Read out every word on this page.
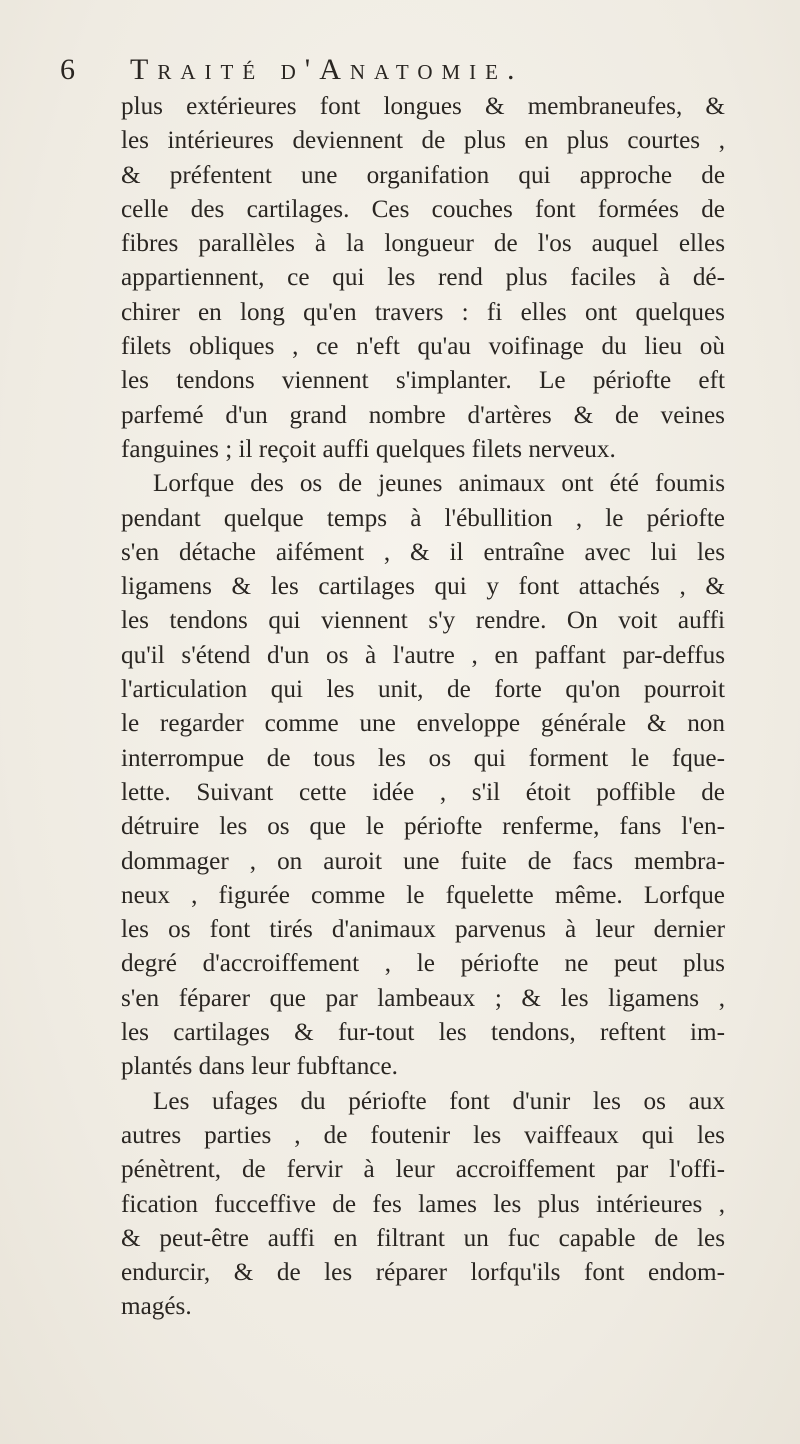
6 Traité d'Anatomie.
plus extérieures font longues & membraneufes, &
les intérieures deviennent de plus en plus courtes ,
& préfentent une organifation qui approche de
celle des cartilages. Ces couches font formées de
fibres parallèles à la longueur de l'os auquel elles
appartiennent, ce qui les rend plus faciles à dé-
chirer en long qu'en travers : fi elles ont quelques
filets obliques , ce n'eft qu'au voifinage du lieu où
les tendons viennent s'implanter. Le périofte eft
parfemé d'un grand nombre d'artères & de veines
fanguines ; il reçoit auffi quelques filets nerveux.
Lorfque des os de jeunes animaux ont été foumis
pendant quelque temps à l'ébullition , le périofte
s'en détache aifément , & il entraîne avec lui les
ligamens & les cartilages qui y font attachés , &
les tendons qui viennent s'y rendre. On voit auffi
qu'il s'étend d'un os à l'autre , en paffant par-deffus
l'articulation qui les unit, de forte qu'on pourroit
le regarder comme une enveloppe générale & non
interrompue de tous les os qui forment le fque-
lette. Suivant cette idée , s'il étoit poffible de
détruire les os que le périofte renferme, fans l'en-
dommager , on auroit une fuite de facs membra-
neux , figurée comme le fquelette même. Lorfque
les os font tirés d'animaux parvenus à leur dernier
degré d'accroiffement , le périofte ne peut plus
s'en féparer que par lambeaux ; & les ligamens ,
les cartilages & fur-tout les tendons, reftent im-
plantés dans leur fubftance.
Les ufages du périofte font d'unir les os aux
autres parties , de foutenir les vaiffeaux qui les
pénètrent, de fervir à leur accroiffement par l'offi-
fication fucceffive de fes lames les plus intérieures ,
& peut-être auffi en filtrant un fuc capable de les
endurcir, & de les réparer lorfqu'ils font endom-
magés.
